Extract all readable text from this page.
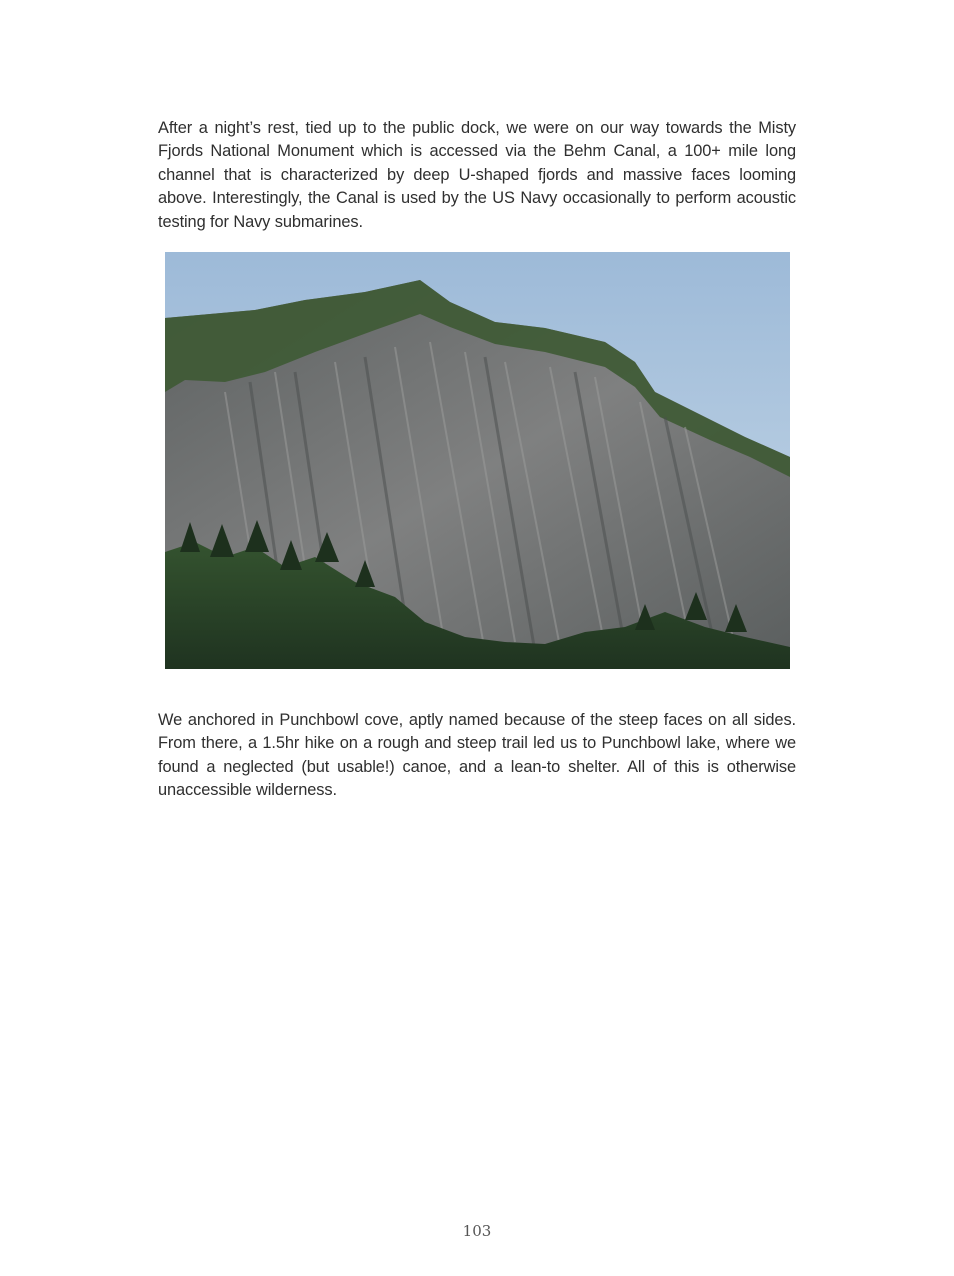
After a night’s rest, tied up to the public dock, we were on our way towards the Misty Fjords National Monument which is accessed via the Behm Canal, a 100+ mile long channel that is characterized by deep U-shaped fjords and massive faces looming above. Interestingly, the Canal is used by the US Navy occasionally to perform acoustic testing for Navy submarines.

We anchored in Punchbowl cove, aptly named because of the steep faces on all sides. From there, a 1.5hr hike on a rough and steep trail led us to Punchbowl lake, where we found a neglected (but usable!) canoe, and a lean-to shelter. All of this is otherwise unaccessible wilderness.

103
